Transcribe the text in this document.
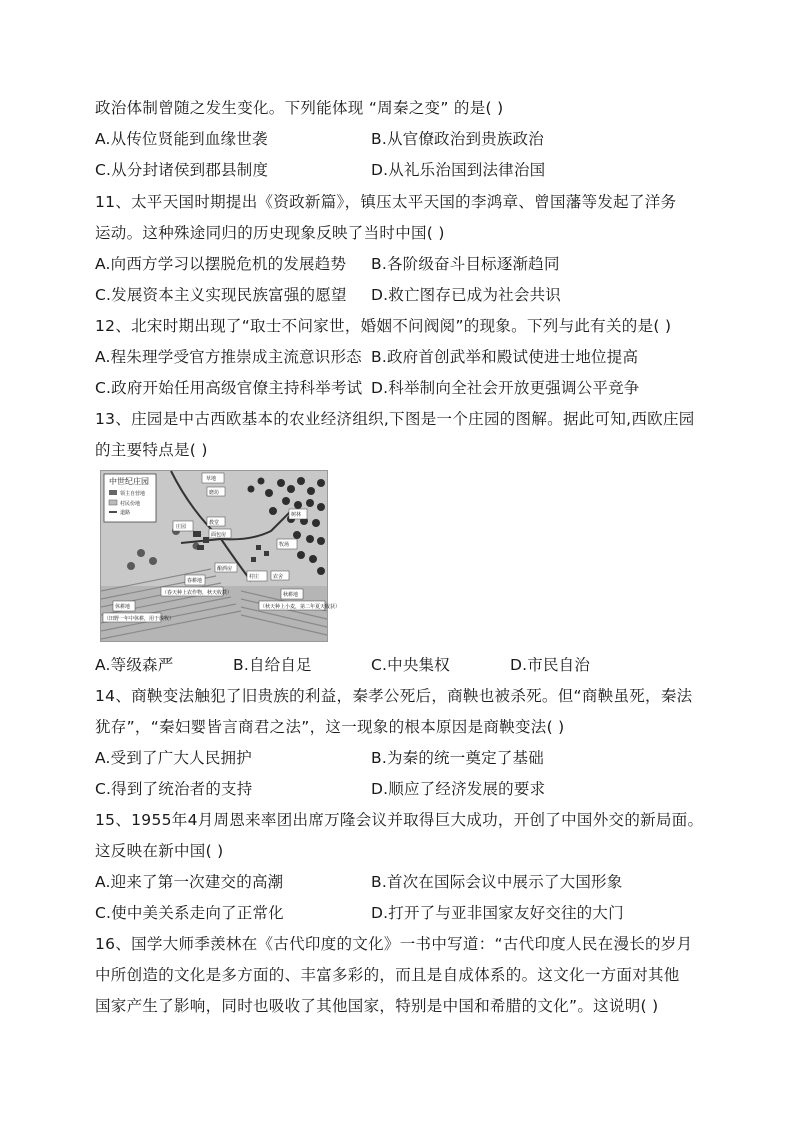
政治体制曾随之发生变化。下列能体现 “周秦之变” 的是( )
A.从传位贤能到血缘世袭	B.从官僚政治到贵族政治
C.从分封诸侯到郡县制度	D.从礼乐治国到法律治国
11、太平天国时期提出《资政新篇》，镇压太平天国的李鸿章、曾国藩等发起了洋务
运动。这种殊途同归的历史现象反映了当时中国( )
A.向西方学习以摆脱危机的发展趋势 B.各阶级奋斗目标逐渐趋同
C.发展资本主义实现民族富强的愿望 D.救亡图存已成为社会共识
12、北宋时期出现了“取士不问家世，婚姻不问阀阅”的现象。下列与此有关的是( )
A.程朱理学受官方推崇成主流意识形态 B.政府首创武举和殿试使进士地位提高
C.政府开始任用高级官僚主持科举考试 D.科举制向全社会开放更强调公平竞争
13、庄园是中古西欧基本的农业经济组织,下图是一个庄园的图解。据此可知,西欧庄园
的主要特点是( )
中世纪庄园
领主自营地
村民份地
道路
草地
庄园
磨坊
教堂
面包房
酿酒房
树林
牧场
村庄	农舍
春耕地
（春天种上农作物，秋天收获）
休耕地
（田野一年中休耕，用于放牧）
秋耕地
（秋天种上小麦，第二年夏天收获）
A.等级森严	B.自给自足	C.中央集权	D.市民自治
14、商鞅变法触犯了旧贵族的利益，秦孝公死后，商鞅也被杀死。但“商鞅虽死，秦法
犹存”，“秦妇婴皆言商君之法”，这一现象的根本原因是商鞅变法( )
A.受到了广大人民拥护	B.为秦的统一奠定了基础
C.得到了统治者的支持	D.顺应了经济发展的要求
15、1955年4月周恩来率团出席万隆会议并取得巨大成功，开创了中国外交的新局面。
这反映在新中国( )
A.迎来了第一次建交的高潮	B.首次在国际会议中展示了大国形象
C.使中美关系走向了正常化	D.打开了与亚非国家友好交往的大门
16、国学大师季羡林在《古代印度的文化》一书中写道：“古代印度人民在漫长的岁月
中所创造的文化是多方面的、丰富多彩的，而且是自成体系的。这文化一方面对其他
国家产生了影响，同时也吸收了其他国家，特别是中国和希腊的文化”。这说明( )
